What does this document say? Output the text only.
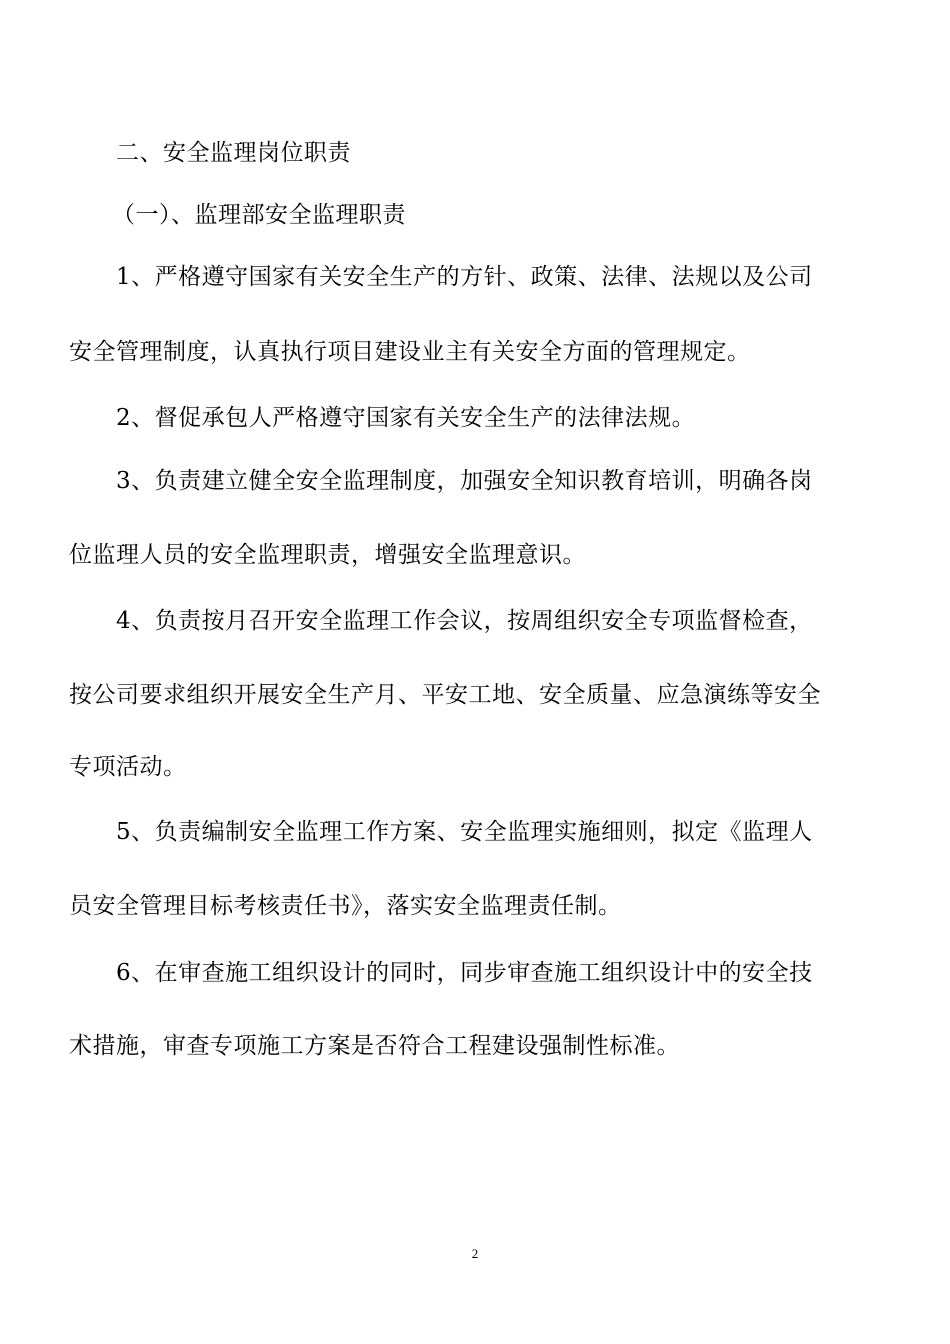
二、安全监理岗位职责
（一）、监理部安全监理职责
1、严格遵守国家有关安全生产的方针、政策、法律、法规以及公司
安全管理制度，认真执行项目建设业主有关安全方面的管理规定。
2、督促承包人严格遵守国家有关安全生产的法律法规。
3、负责建立健全安全监理制度，加强安全知识教育培训，明确各岗
位监理人员的安全监理职责，增强安全监理意识。
4、负责按月召开安全监理工作会议，按周组织安全专项监督检查，
按公司要求组织开展安全生产月、平安工地、安全质量、应急演练等安全
专项活动。
5、负责编制安全监理工作方案、安全监理实施细则，拟定《监理人
员安全管理目标考核责任书》，落实安全监理责任制。
6、在审查施工组织设计的同时，同步审查施工组织设计中的安全技
术措施，审查专项施工方案是否符合工程建设强制性标准。
2
